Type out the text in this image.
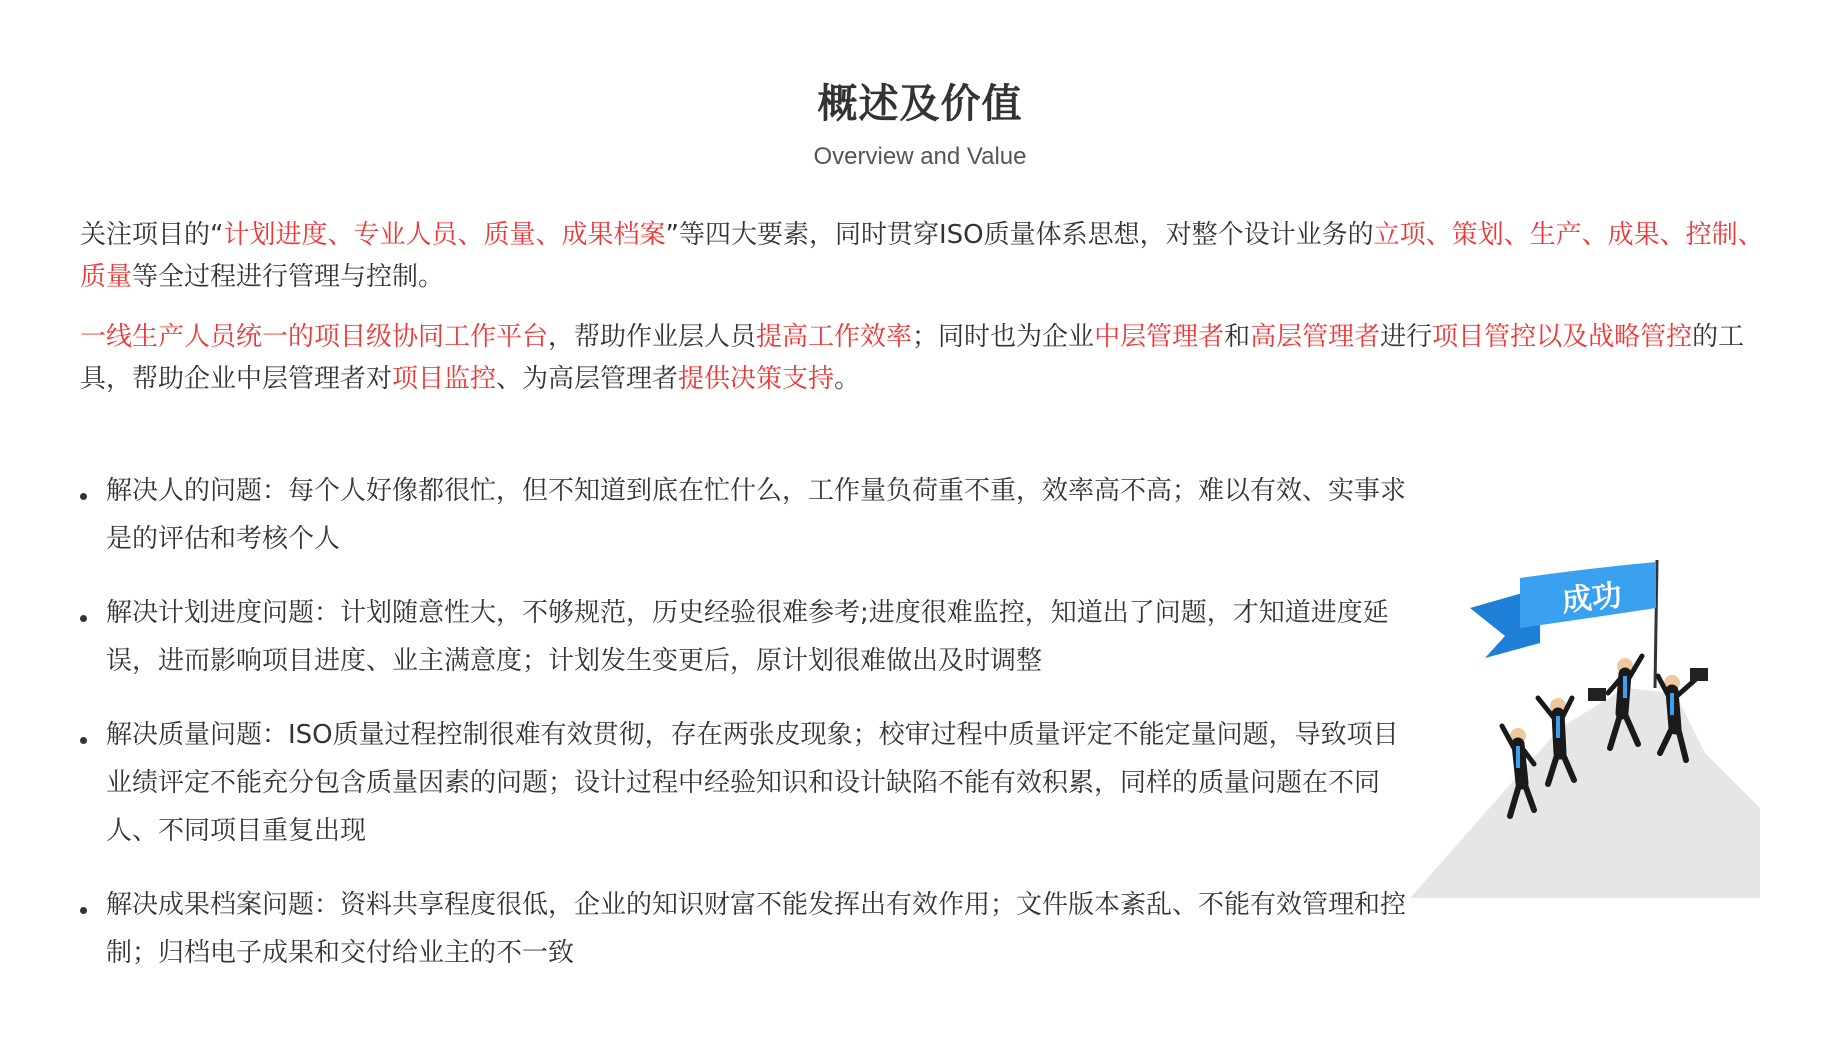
概述及价值
Overview and Value

关注项目的“计划进度、专业人员、质量、成果档案”等四大要素，同时贯穿ISO质量体系思想，对整个设计业务的立项、策划、生产、成果、控制、质量等全过程进行管理与控制。

一线生产人员统一的项目级协同工作平台，帮助作业层人员提高工作效率；同时也为企业中层管理者和高层管理者进行项目管控以及战略管控的工具，帮助企业中层管理者对项目监控、为高层管理者提供决策支持。

解决人的问题：每个人好像都很忙，但不知道到底在忙什么，工作量负荷重不重，效率高不高；难以有效、实事求是的评估和考核个人
解决计划进度问题：计划随意性大，不够规范，历史经验很难参考;进度很难监控，知道出了问题，才知道进度延误，进而影响项目进度、业主满意度；计划发生变更后，原计划很难做出及时调整
解决质量问题：ISO质量过程控制很难有效贯彻，存在两张皮现象；校审过程中质量评定不能定量问题，导致项目业绩评定不能充分包含质量因素的问题；设计过程中经验知识和设计缺陷不能有效积累，同样的质量问题在不同人、不同项目重复出现
解决成果档案问题：资料共享程度很低，企业的知识财富不能发挥出有效作用；文件版本紊乱、不能有效管理和控制；归档电子成果和交付给业主的不一致
成功
